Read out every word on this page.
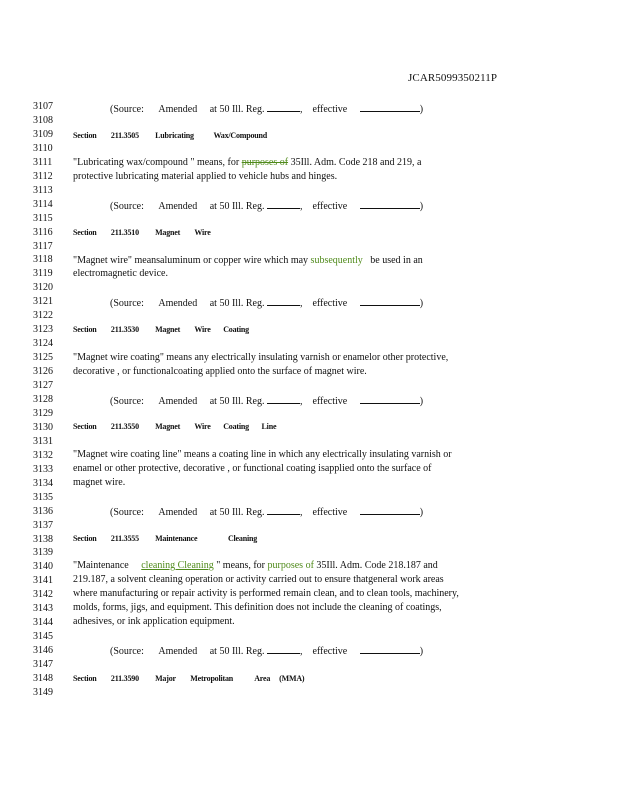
JCAR5099350211P
3107
3108
3109
3110
3111
3112
3113
3114
3115
3116
3117
3118
3119
3120
3121
3122
3123
3124
3125
3126
3127
3128
3129
3130
3131
3132
3133
3134
3135
3136
3137
3138
3139
3140
3141
3142
3143
3144
3145
3146
3147
3148
3149
(Source: Amended at 50 Ill. Reg.	, effective	)
Section 211.3505 Lubricating Wax/Compound
"Lubricating wax/compound " means, for purposes of 35Ill. Adm. Code 218 and 219, a
protective lubricating material applied to vehicle hubs and hinges.
(Source: Amended at 50 Ill. Reg.	, effective	)
Section 211.3510 Magnet Wire
"Magnet wire" meansaluminum or copper wire which may subsequently be used in an
electromagnetic device.
(Source: Amended at 50 Ill. Reg.	, effective	)
Section 211.3530 Magnet Wire Coating
"Magnet wire coating" means any electrically insulating varnish or enamelor other protective,
decorative , or functionalcoating applied onto the surface of magnet wire.
(Source: Amended at 50 Ill. Reg.	, effective	)
Section 211.3550 Magnet Wire Coating Line
"Magnet wire coating line" means a coating line in which any electrically insulating varnish or
enamel or other protective, decorative , or functional coating isapplied onto the surface of
magnet wire.
(Source: Amended at 50 Ill. Reg.	, effective	)
Section 211.3555 Maintenance	Cleaning
"Maintenance cleaning Cleaning " means, for purposes of 35Ill. Adm. Code 218.187 and
219.187, a solvent cleaning operation or activity carried out to ensure thatgeneral work areas
where manufacturing or repair activity is performed remain clean, and to clean tools, machinery,
molds, forms, jigs, and equipment. This definition does not include the cleaning of coatings,
adhesives, or ink application equipment.
(Source: Amended at 50 Ill. Reg.	, effective	)
Section 211.3590 Major Metropolitan	Area (MMA)
